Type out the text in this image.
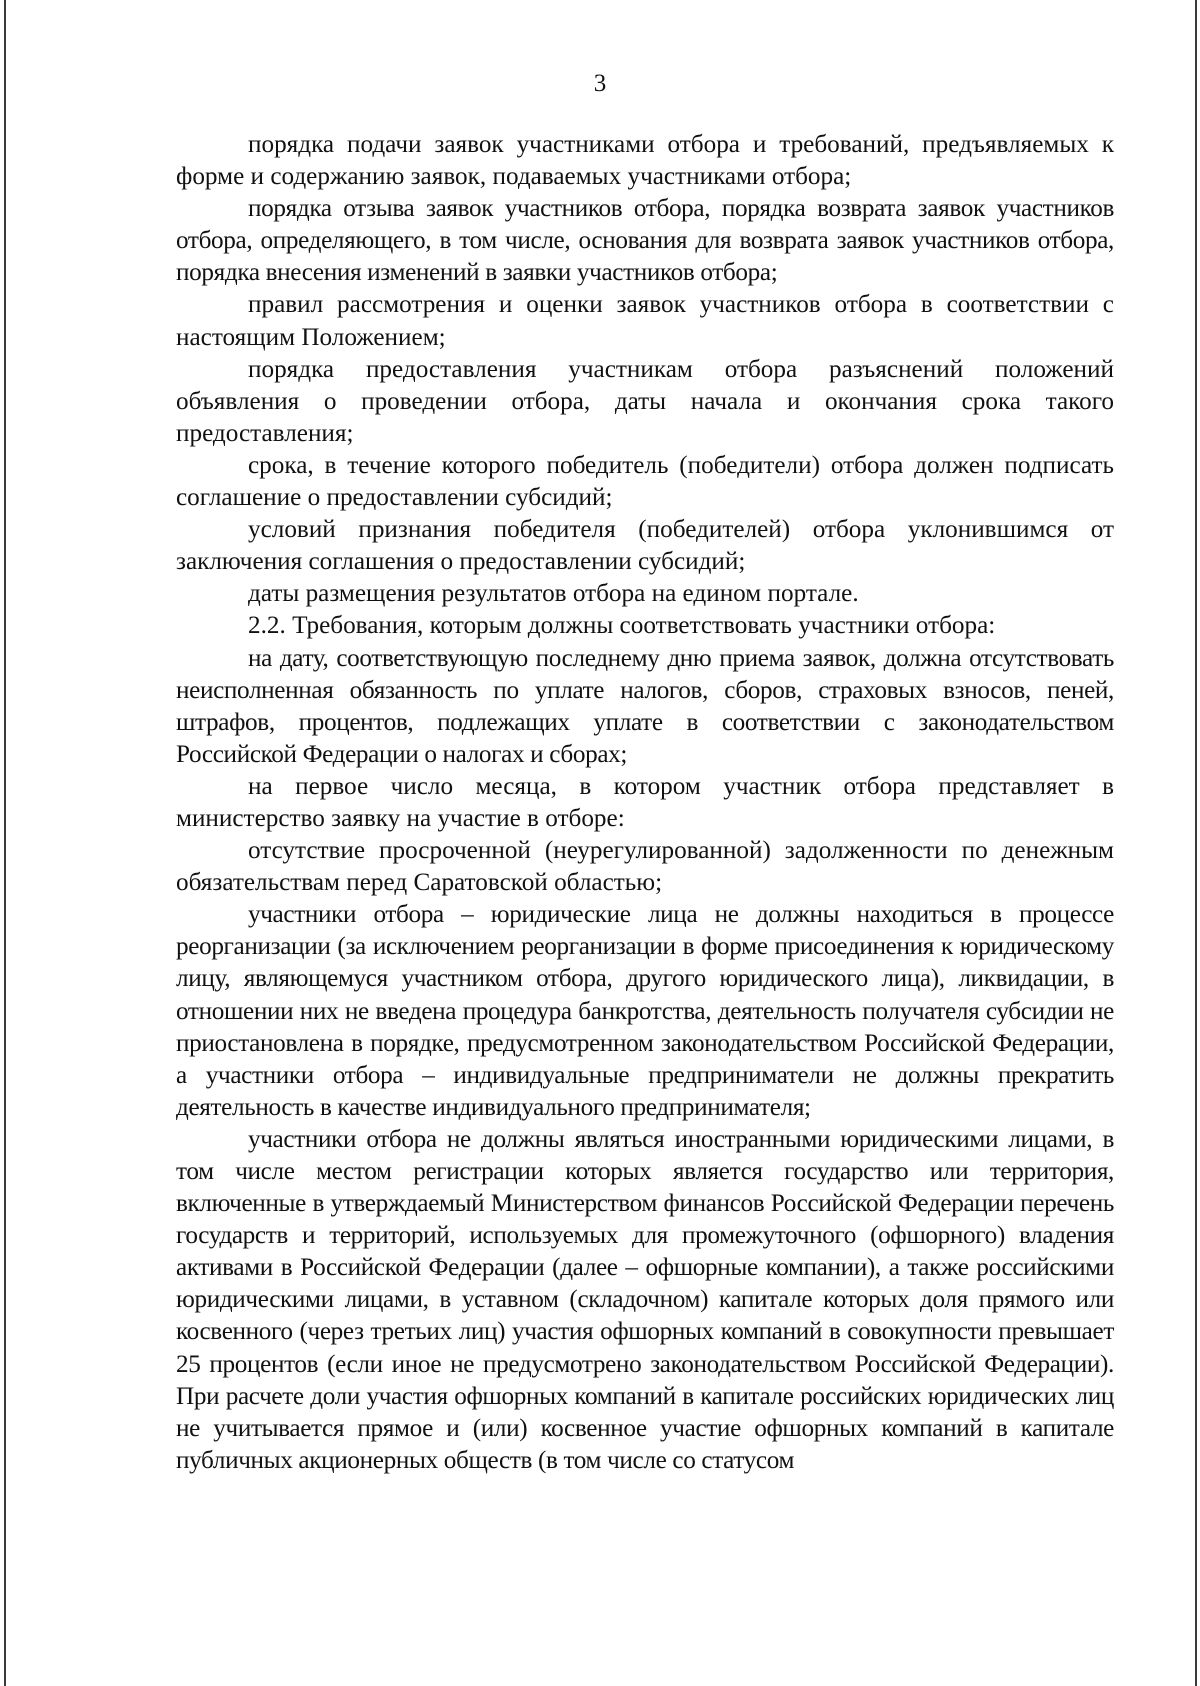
3

порядка подачи заявок участниками отбора и требований, предъявляемых к форме и содержанию заявок, подаваемых участниками отбора;

порядка отзыва заявок участников отбора, порядка возврата заявок участников отбора, определяющего, в том числе, основания для возврата заявок участников отбора, порядка внесения изменений в заявки участников отбора;

правил рассмотрения и оценки заявок участников отбора в соответствии с настоящим Положением;

порядка предоставления участникам отбора разъяснений положений объявления о проведении отбора, даты начала и окончания срока такого предоставления;

срока, в течение которого победитель (победители) отбора должен подписать соглашение о предоставлении субсидий;

условий признания победителя (победителей) отбора уклонившимся от заключения соглашения о предоставлении субсидий;

даты размещения результатов отбора на едином портале.

2.2. Требования, которым должны соответствовать участники отбора:

на дату, соответствующую последнему дню приема заявок, должна отсутствовать неисполненная обязанность по уплате налогов, сборов, страховых взносов, пеней, штрафов, процентов, подлежащих уплате в соответствии с законодательством Российской Федерации о налогах и сборах;

на первое число месяца, в котором участник отбора представляет в министерство заявку на участие в отборе:

отсутствие просроченной (неурегулированной) задолженности по денежным обязательствам перед Саратовской областью;

участники отбора – юридические лица не должны находиться в процессе реорганизации (за исключением реорганизации в форме присоединения к юридическому лицу, являющемуся участником отбора, другого юридического лица), ликвидации, в отношении них не введена процедура банкротства, деятельность получателя субсидии не приостановлена в порядке, предусмотренном законодательством Российской Федерации, а участники отбора – индивидуальные предприниматели не должны прекратить деятельность в качестве индивидуального предпринимателя;

участники отбора не должны являться иностранными юридическими лицами, в том числе местом регистрации которых является государство или территория, включенные в утверждаемый Министерством финансов Российской Федерации перечень государств и территорий, используемых для промежуточного (офшорного) владения активами в Российской Федерации (далее – офшорные компании), а также российскими юридическими лицами, в уставном (складочном) капитале которых доля прямого или косвенного (через третьих лиц) участия офшорных компаний в совокупности превышает 25 процентов (если иное не предусмотрено законодательством Российской Федерации). При расчете доли участия офшорных компаний в капитале российских юридических лиц не учитывается прямое и (или) косвенное участие офшорных компаний в капитале публичных акционерных обществ (в том числе со статусом
